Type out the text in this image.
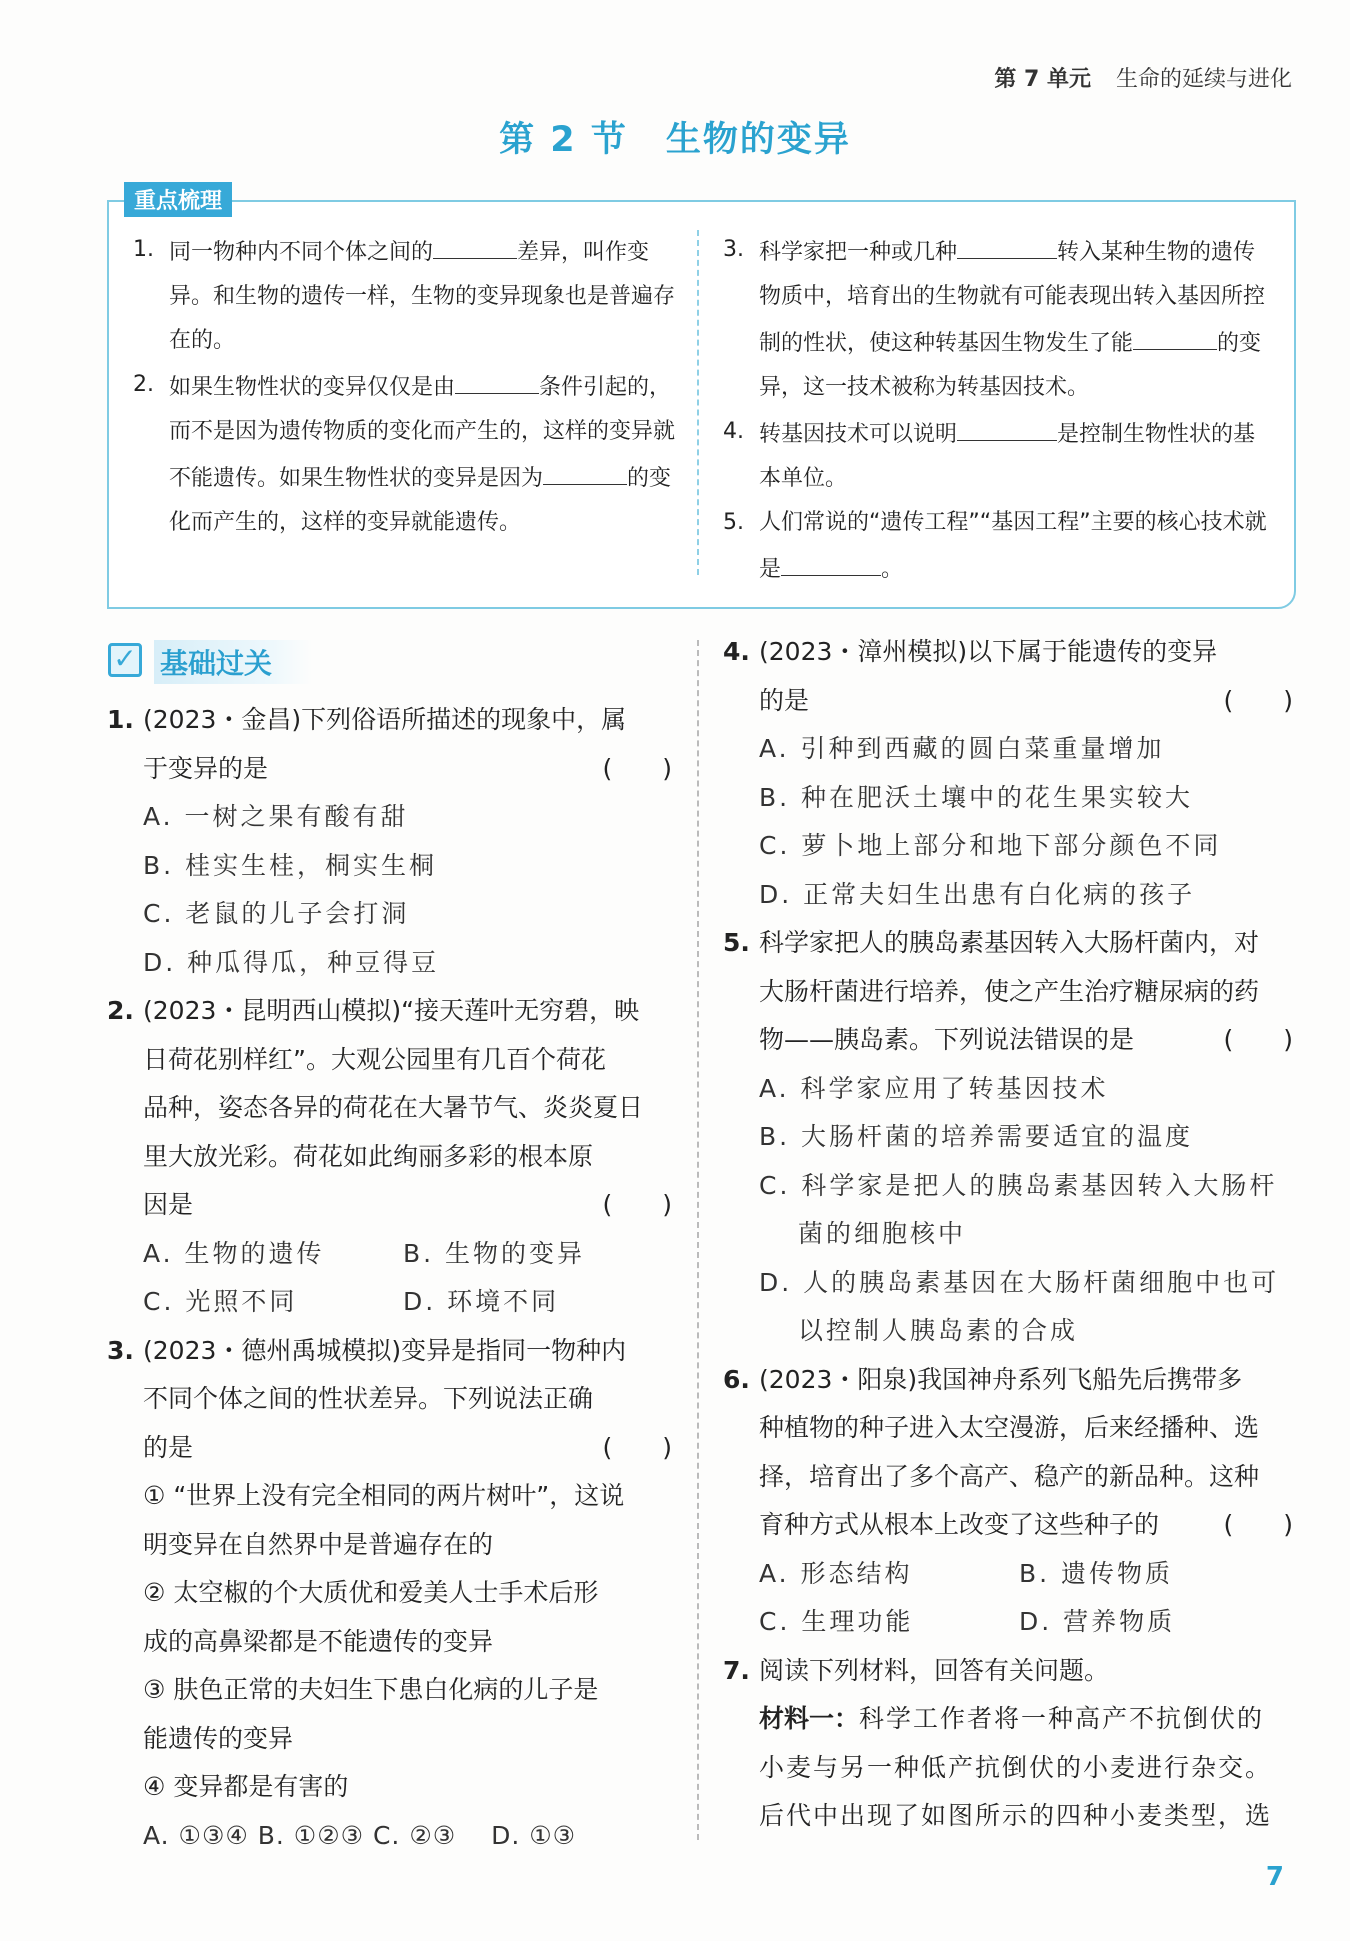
第 7 单元 生命的延续与进化
第 2 节 生物的变异
重点梳理
1. 同一物种内不同个体之间的	差异，叫作变异。和生物的遗传一样，生物的变异现象也是普遍存在的。
2. 如果生物性状的变异仅仅是由	条件引起的，而不是因为遗传物质的变化而产生的，这样的变异就不能遗传。如果生物性状的变异是因为	的变化而产生的，这样的变异就能遗传。
3. 科学家把一种或几种	转入某种生物的遗传物质中，培育出的生物就有可能表现出转入基因所控制的性状，使这种转基因生物发生了能	的变异，这一技术被称为转基因技术。
4. 转基因技术可以说明	是控制生物性状的基本单位。
5. 人们常说的“遗传工程”“基因工程”主要的核心技术就是	。
✓ 基础过关
1. (2023・金昌)下列俗语所描述的现象中，属
于变异的是	(　　)
A. 一树之果有酸有甜
B. 桂实生桂，桐实生桐
C. 老鼠的儿子会打洞
D. 种瓜得瓜，种豆得豆
2. (2023・昆明西山模拟)“接天莲叶无穷碧，映
日荷花别样红”。大观公园里有几百个荷花
品种，姿态各异的荷花在大暑节气、炎炎夏日
里大放光彩。荷花如此绚丽多彩的根本原
因是	(　　)
A. 生物的遗传	B. 生物的变异
C. 光照不同	D. 环境不同
3. (2023・德州禹城模拟)变异是指同一物种内
不同个体之间的性状差异。下列说法正确
的是	(　　)
① “世界上没有完全相同的两片树叶”，这说
明变异在自然界中是普遍存在的
② 太空椒的个大质优和爱美人士手术后形
成的高鼻梁都是不能遗传的变异
③ 肤色正常的夫妇生下患白化病的儿子是
能遗传的变异
④ 变异都是有害的
A. ①③④ B. ①②③ C. ②③　 D. ①③
4. (2023・漳州模拟)以下属于能遗传的变异
的是	(　　)
A. 引种到西藏的圆白菜重量增加
B. 种在肥沃土壤中的花生果实较大
C. 萝卜地上部分和地下部分颜色不同
D. 正常夫妇生出患有白化病的孩子
5. 科学家把人的胰岛素基因转入大肠杆菌内，对
大肠杆菌进行培养，使之产生治疗糖尿病的药
物——胰岛素。下列说法错误的是	(　　)
A. 科学家应用了转基因技术
B. 大肠杆菌的培养需要适宜的温度
C. 科学家是把人的胰岛素基因转入大肠杆
　 菌的细胞核中
D. 人的胰岛素基因在大肠杆菌细胞中也可
　 以控制人胰岛素的合成
6. (2023・阳泉)我国神舟系列飞船先后携带多
种植物的种子进入太空漫游，后来经播种、选
择，培育出了多个高产、稳产的新品种。这种
育种方式从根本上改变了这些种子的	(　　)
A. 形态结构	B. 遗传物质
C. 生理功能	D. 营养物质
7. 阅读下列材料，回答有关问题。
材料一：科学工作者将一种高产不抗倒伏的
小麦与另一种低产抗倒伏的小麦进行杂交。
后代中出现了如图所示的四种小麦类型，选
7
